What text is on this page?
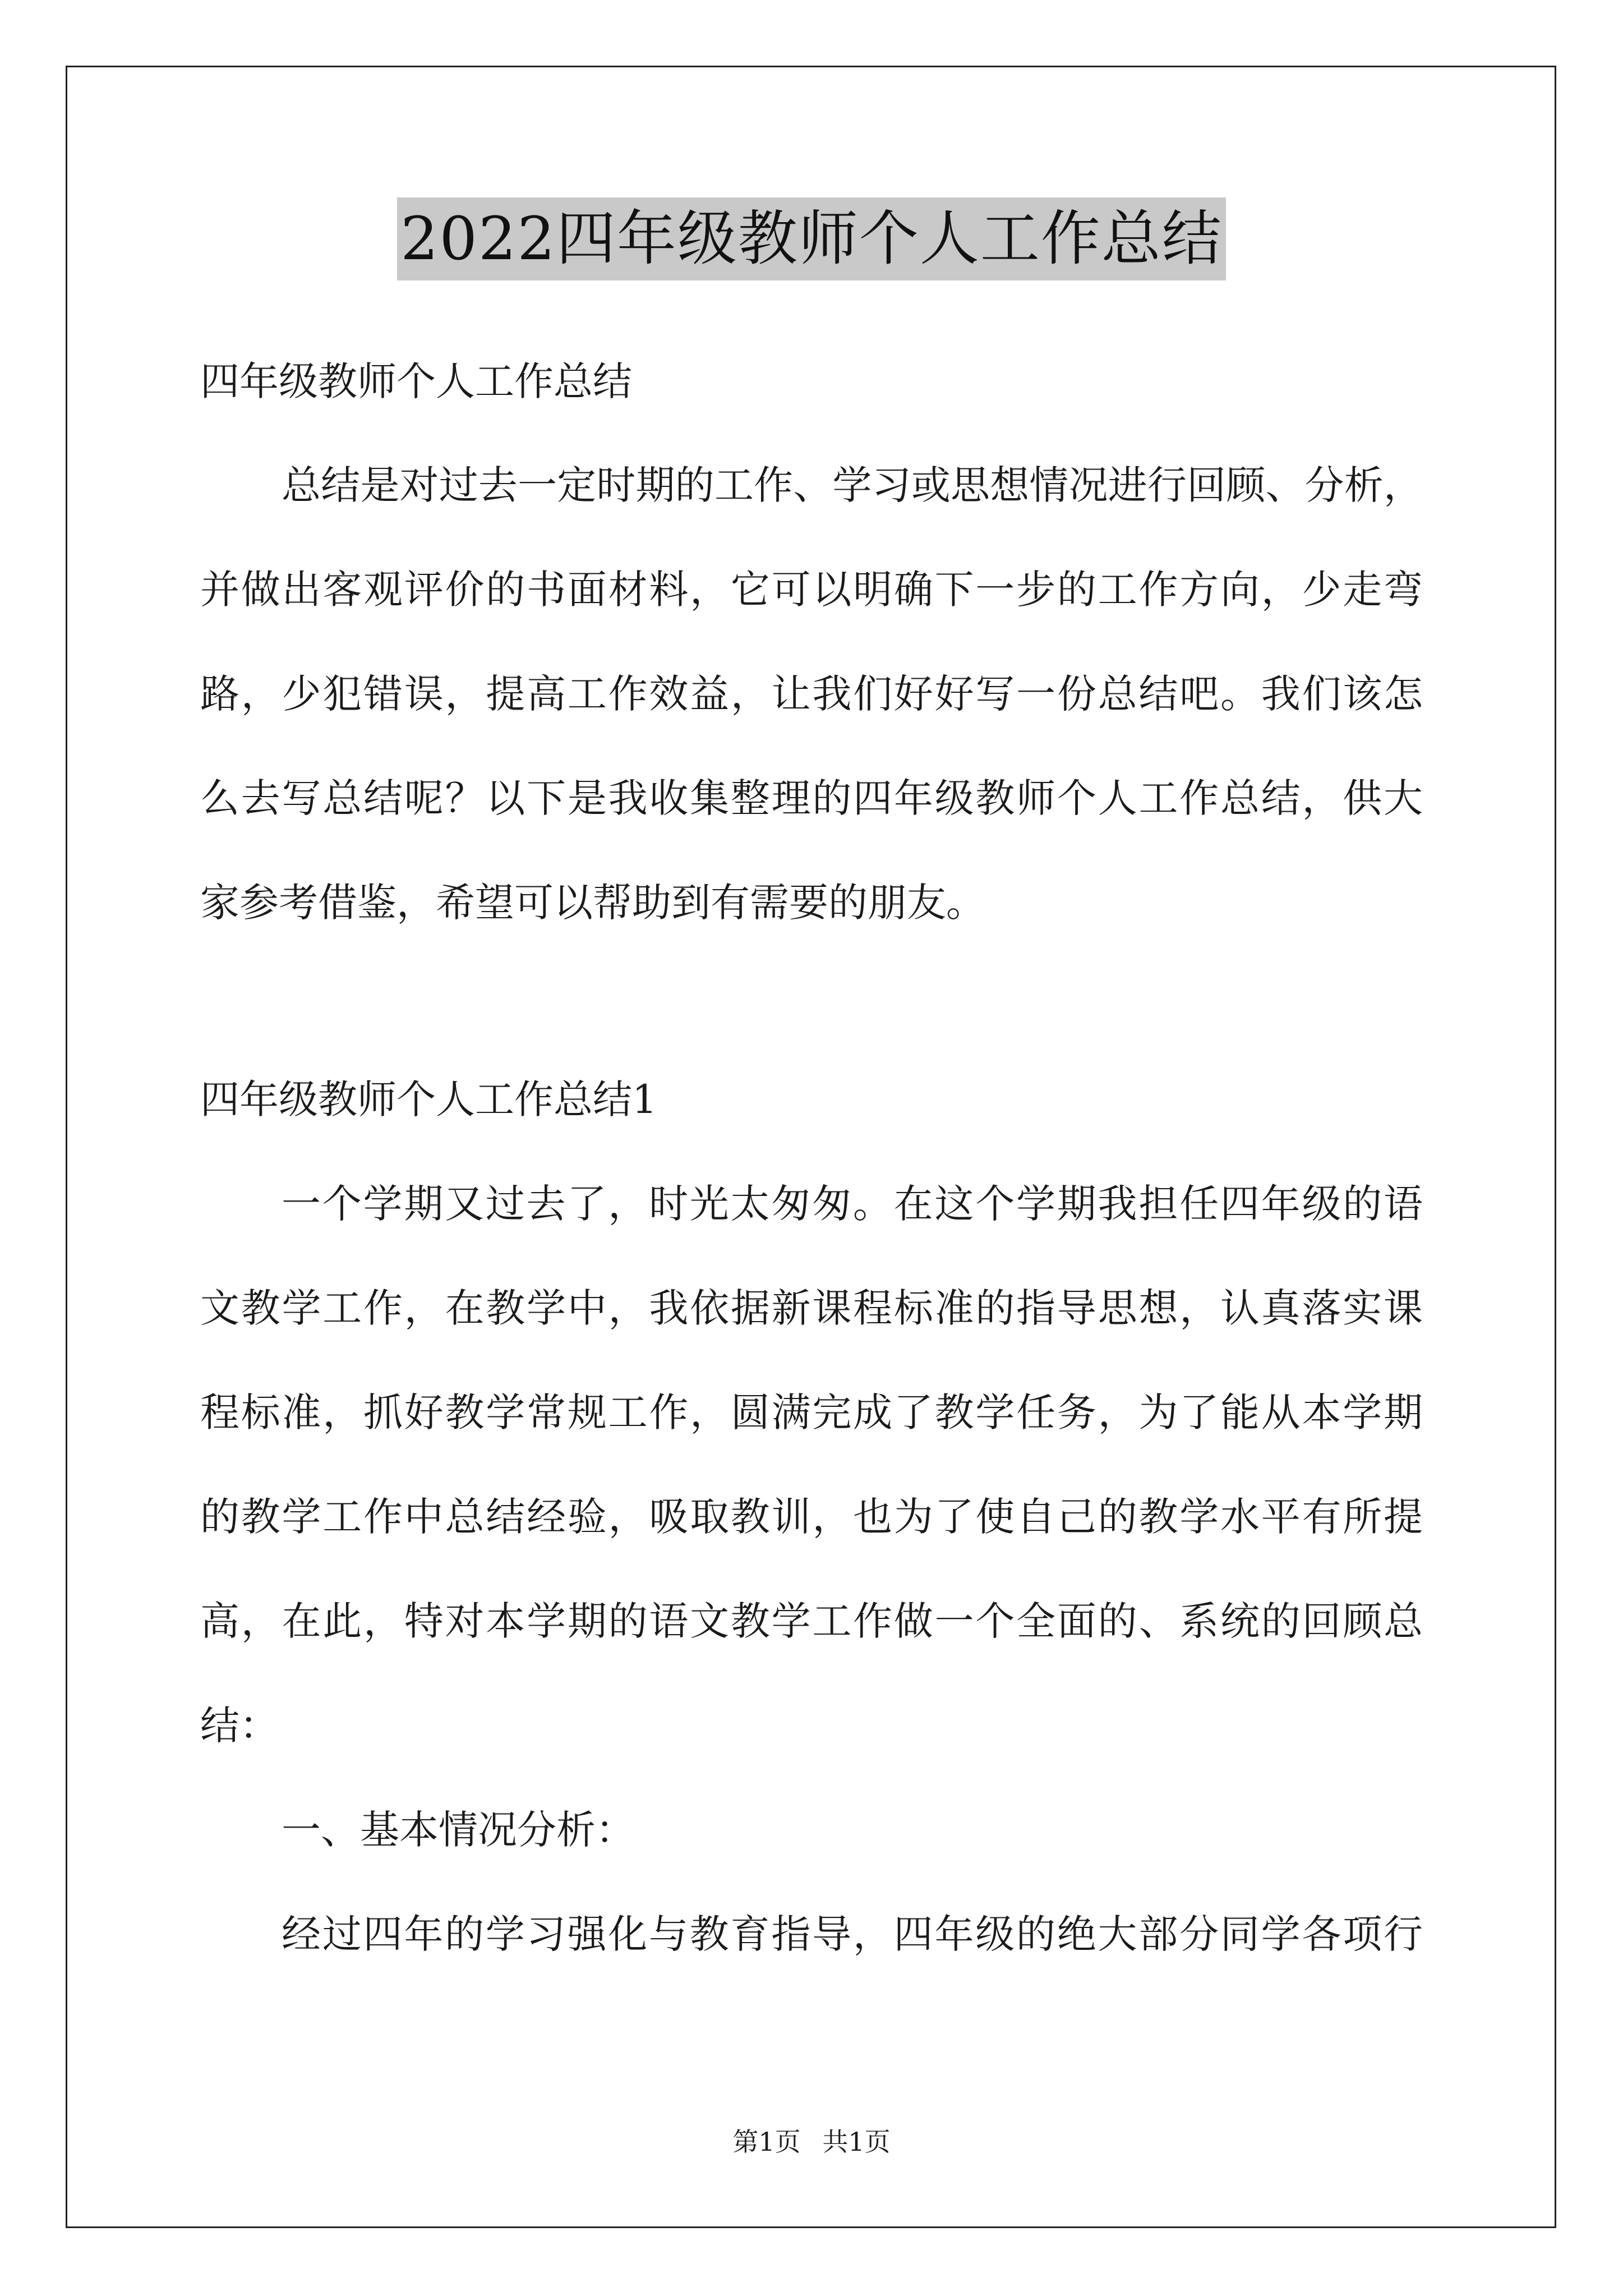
2022四年级教师个人工作总结
四年级教师个人工作总结
总结是对过去一定时期的工作、学习或思想情况进行回顾、分析，
并做出客观评价的书面材料，它可以明确下一步的工作方向，少走弯
路，少犯错误，提高工作效益，让我们好好写一份总结吧。我们该怎
么去写总结呢？以下是我收集整理的四年级教师个人工作总结，供大
家参考借鉴，希望可以帮助到有需要的朋友。
四年级教师个人工作总结1
一个学期又过去了，时光太匆匆。在这个学期我担任四年级的语
文教学工作，在教学中，我依据新课程标准的指导思想，认真落实课
程标准，抓好教学常规工作，圆满完成了教学任务，为了能从本学期
的教学工作中总结经验，吸取教训，也为了使自己的教学水平有所提
高，在此，特对本学期的语文教学工作做一个全面的、系统的回顾总
结：
一、基本情况分析：
经过四年的学习强化与教育指导，四年级的绝大部分同学各项行
第1页 共1页
